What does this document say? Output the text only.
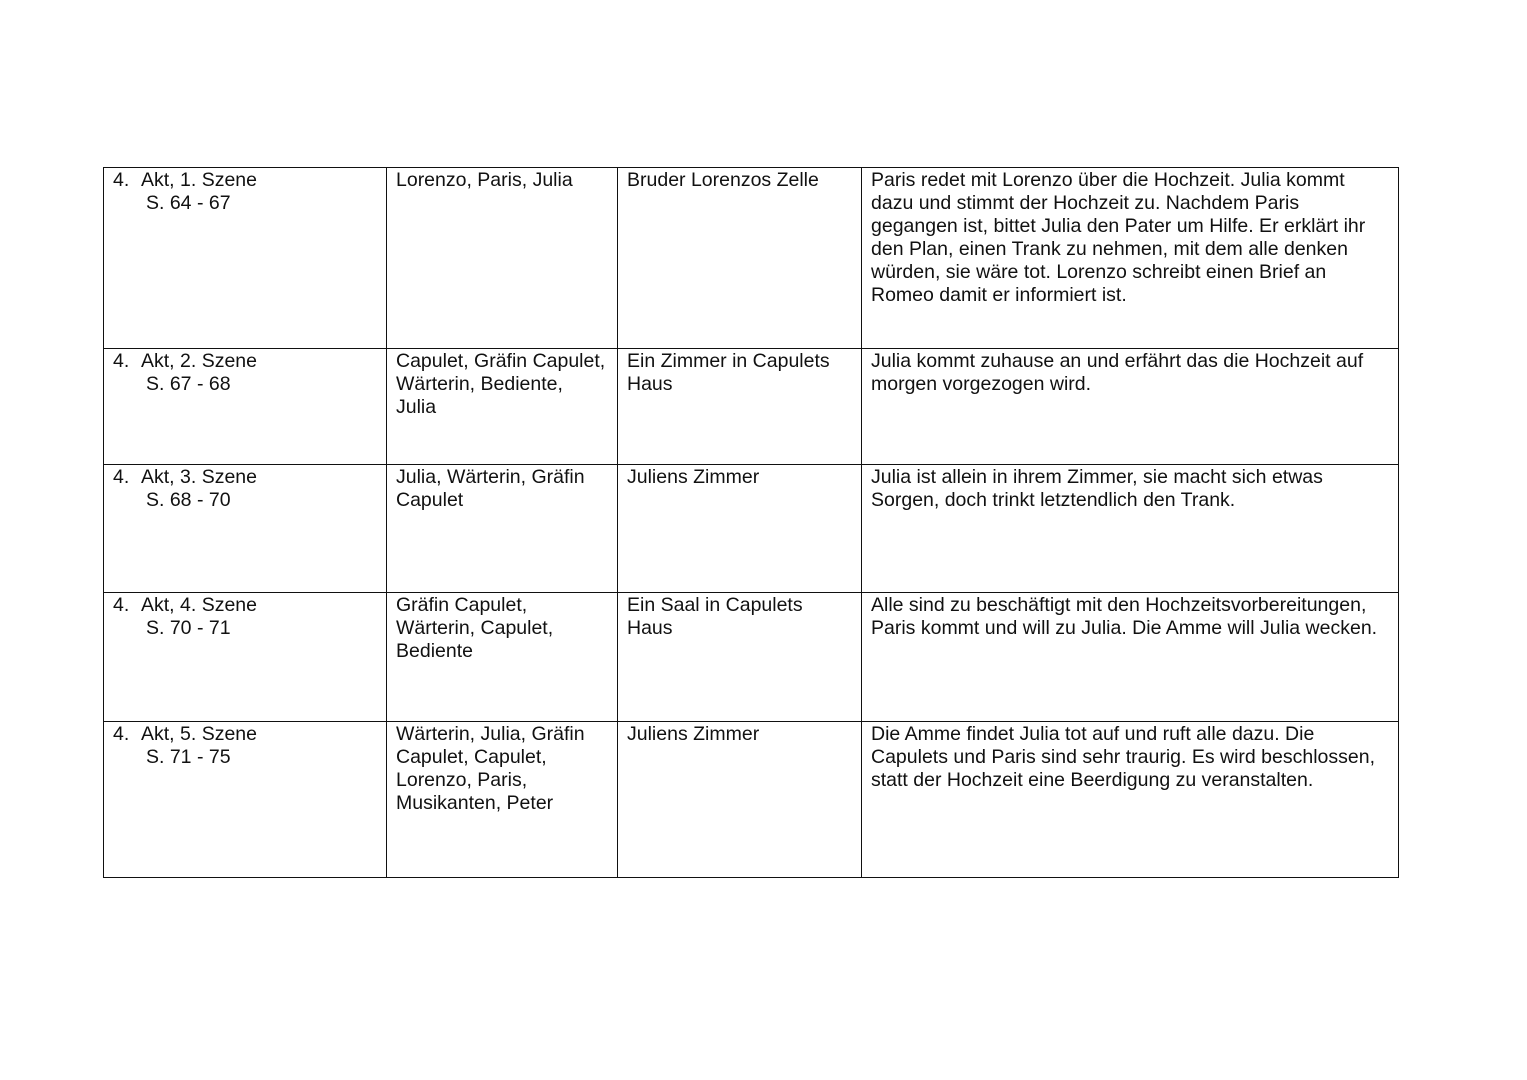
4. Akt, 1. Szene
S. 64 - 67	Lorenzo, Paris, Julia	Bruder Lorenzos Zelle	Paris redet mit Lorenzo über die Hochzeit. Julia kommt dazu und stimmt der Hochzeit zu. Nachdem Paris gegangen ist, bittet Julia den Pater um Hilfe. Er erklärt ihr den Plan, einen Trank zu nehmen, mit dem alle denken würden, sie wäre tot. Lorenzo schreibt einen Brief an Romeo damit er informiert ist.

4. Akt, 2. Szene
S. 67 - 68	Capulet, Gräfin Capulet, Wärterin, Bediente, Julia	Ein Zimmer in Capulets Haus	Julia kommt zuhause an und erfährt das die Hochzeit auf morgen vorgezogen wird.

4. Akt, 3. Szene
S. 68 - 70	Julia, Wärterin, Gräfin Capulet	Juliens Zimmer	Julia ist allein in ihrem Zimmer, sie macht sich etwas Sorgen, doch trinkt letztendlich den Trank.

4. Akt, 4. Szene
S. 70 - 71	Gräfin Capulet, Wärterin, Capulet, Bediente	Ein Saal in Capulets Haus	Alle sind zu beschäftigt mit den Hochzeitsvorbereitungen, Paris kommt und will zu Julia. Die Amme will Julia wecken.

4. Akt, 5. Szene
S. 71 - 75	Wärterin, Julia, Gräfin Capulet, Capulet, Lorenzo, Paris, Musikanten, Peter	Juliens Zimmer	Die Amme findet Julia tot auf und ruft alle dazu. Die Capulets und Paris sind sehr traurig. Es wird beschlossen, statt der Hochzeit eine Beerdigung zu veranstalten.
